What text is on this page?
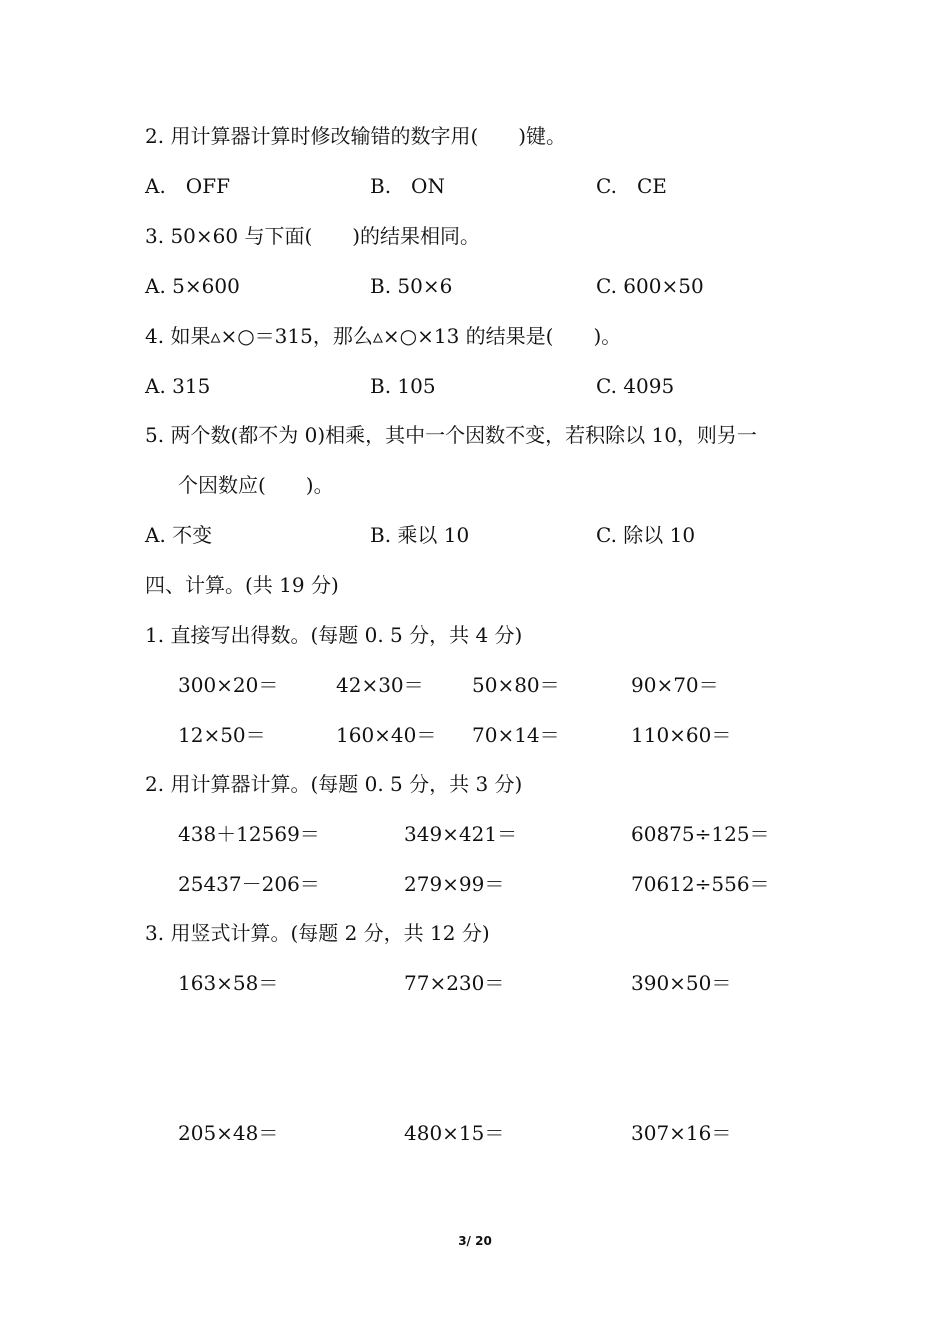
2. 用计算器计算时修改输错的数字用(　　)键。
A.　OFF	B.　ON	C.　CE
3. 50×60 与下面(　　)的结果相同。
A. 5×600	B. 50×6	C. 600×50
4. 如果▵×○＝315，那么▵×○×13 的结果是(　　)。
A. 315	B. 105	C. 4095
5. 两个数(都不为 0)相乘，其中一个因数不变，若积除以 10，则另一
个因数应(　　)。
A. 不变	B. 乘以 10	C. 除以 10
四、计算。(共 19 分)
1. 直接写出得数。(每题 0. 5 分，共 4 分)
300×20＝	42×30＝ 50×80＝	90×70＝
12×50＝	160×40＝ 70×14＝	110×60＝
2. 用计算器计算。(每题 0. 5 分，共 3 分)
438＋12569＝	349×421＝	60875÷125＝
25437－206＝	279×99＝	70612÷556＝
3. 用竖式计算。(每题 2 分，共 12 分)
163×58＝	77×230＝	390×50＝
205×48＝	480×15＝	307×16＝
3/ 20
